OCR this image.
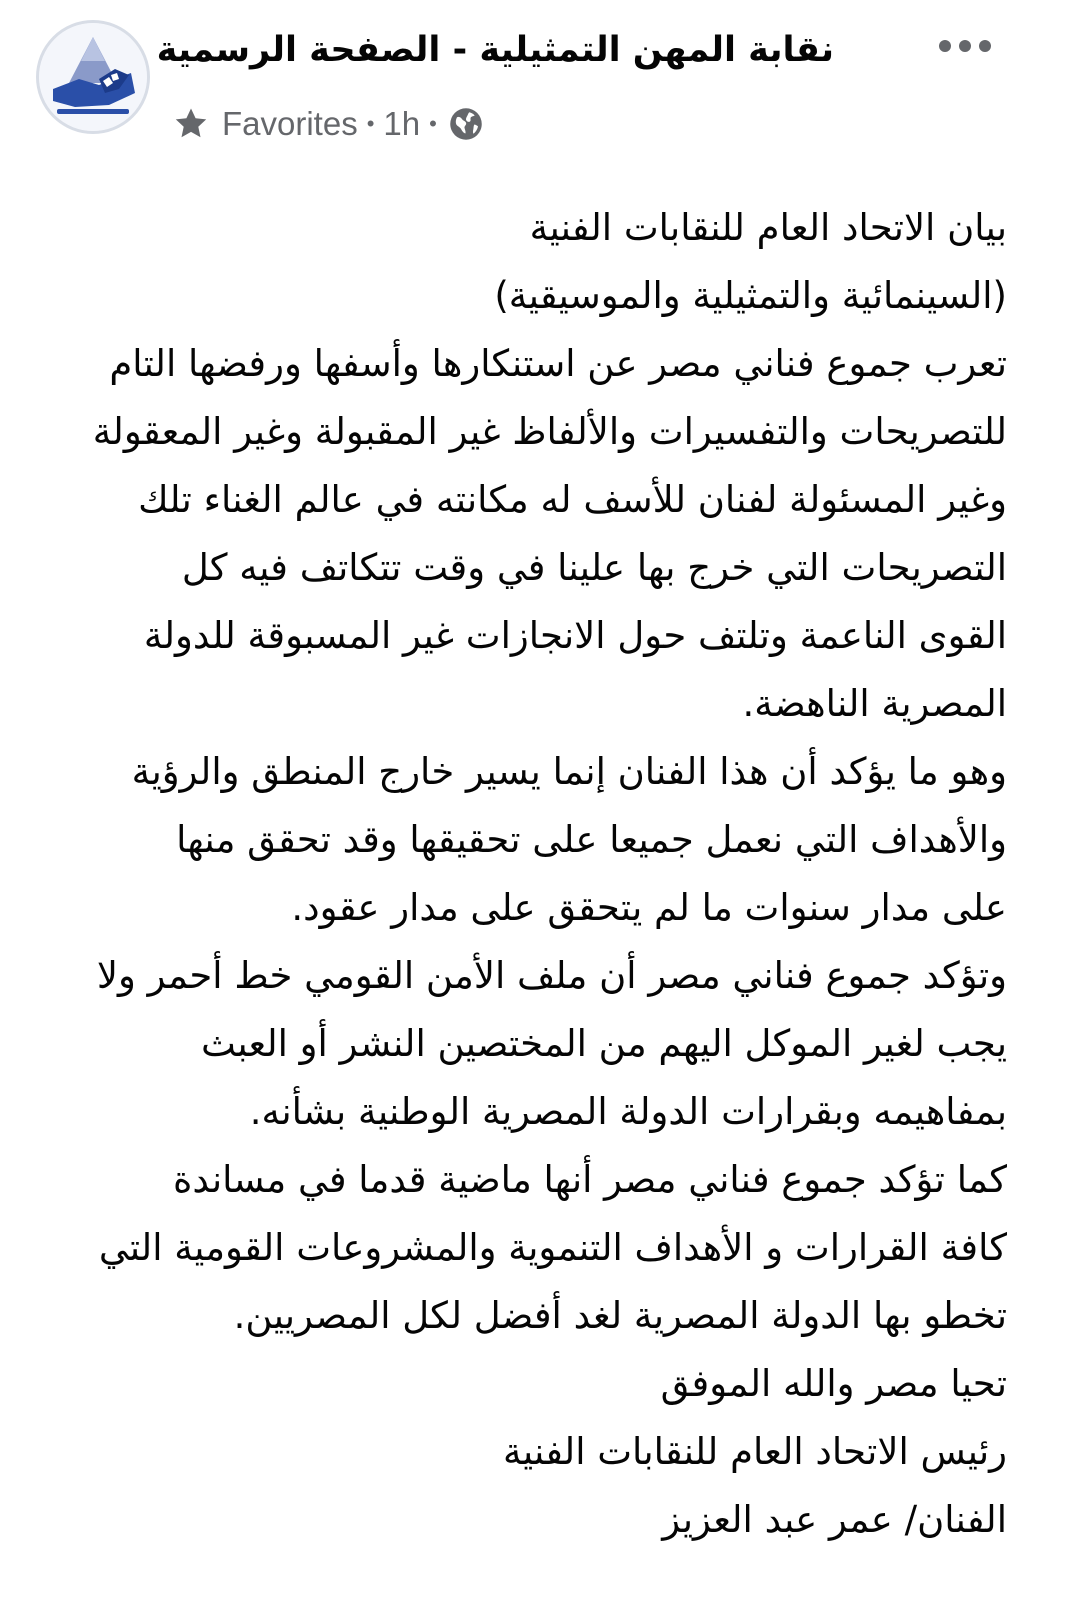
نقابة المهن التمثيلية - الصفحة الرسمية
Favorites • 1h •
بيان الاتحاد العام للنقابات الفنية
(السينمائية والتمثيلية والموسيقية)
تعرب جموع فناني مصر عن استنكارها وأسفها ورفضها التام
للتصريحات والتفسيرات والألفاظ غير المقبولة وغير المعقولة
وغير المسئولة لفنان للأسف له مكانته في عالم الغناء تلك
التصريحات التي خرج بها علينا في وقت تتكاتف فيه كل
القوى الناعمة وتلتف حول الانجازات غير المسبوقة للدولة
المصرية الناهضة.
وهو ما يؤكد أن هذا الفنان إنما يسير خارج المنطق والرؤية
والأهداف التي نعمل جميعا على تحقيقها وقد تحقق منها
على مدار سنوات ما لم يتحقق على مدار عقود.
وتؤكد جموع فناني مصر أن ملف الأمن القومي خط أحمر ولا
يجب لغير الموكل اليهم من المختصين النشر أو العبث
بمفاهيمه وبقرارات الدولة المصرية الوطنية بشأنه.
كما تؤكد جموع فناني مصر أنها ماضية قدما في مساندة
كافة القرارات و الأهداف التنموية والمشروعات القومية التي
تخطو بها الدولة المصرية لغد أفضل لكل المصريين.
تحيا مصر والله الموفق
رئيس الاتحاد العام للنقابات الفنية
الفنان/ عمر عبد العزيز
